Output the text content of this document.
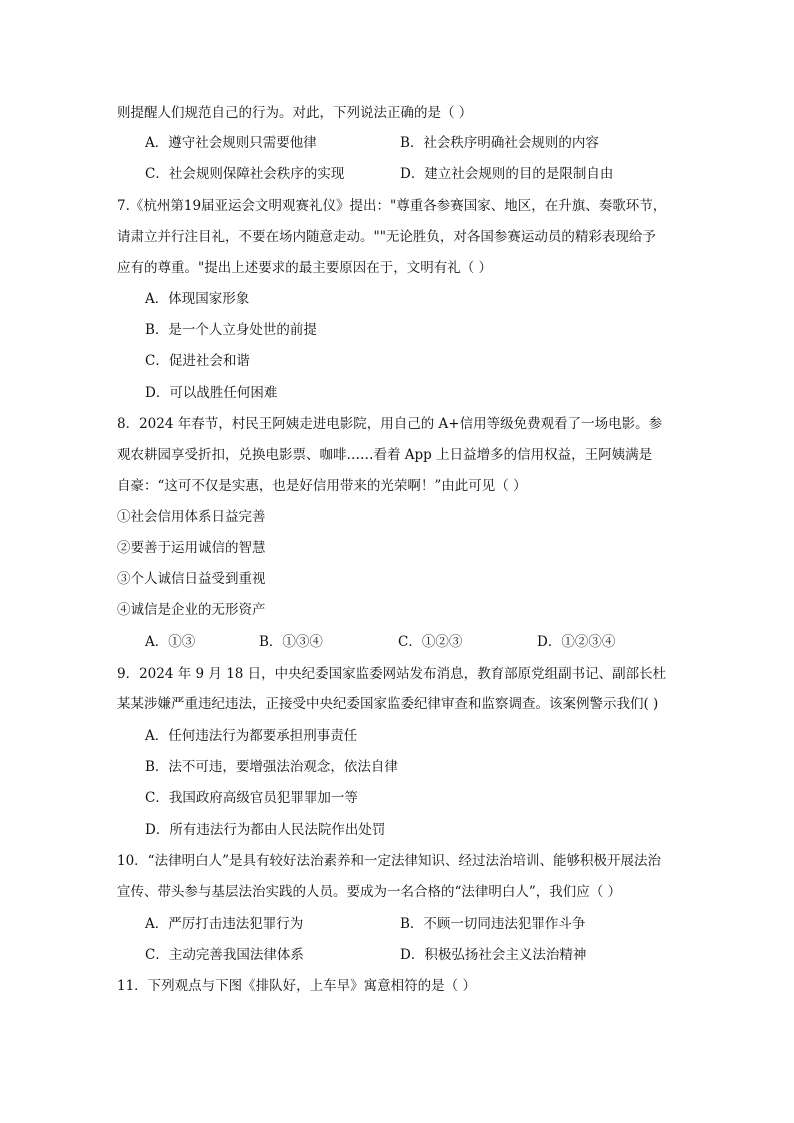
则提醒人们规范自己的行为。对此，下列说法正确的是（ ）
A．遵守社会规则只需要他律	B．社会秩序明确社会规则的内容
C．社会规则保障社会秩序的实现	D．建立社会规则的目的是限制自由
7.《杭州第19届亚运会文明观赛礼仪》提出："尊重各参赛国家、地区，在升旗、奏歌环节，
请肃立并行注目礼，不要在场内随意走动。""无论胜负，对各国参赛运动员的精彩表现给予
应有的尊重。"提出上述要求的最主要原因在于，文明有礼（ ）
A．体现国家形象
B．是一个人立身处世的前提
C．促进社会和谐
D．可以战胜任何困难
8．2024 年春节，村民王阿姨走进电影院，用自己的 A+信用等级免费观看了一场电影。参
观农耕园享受折扣，兑换电影票、咖啡……看着 App 上日益增多的信用权益，王阿姨满是
自豪：“这可不仅是实惠，也是好信用带来的光荣啊！”由此可见（ ）
①社会信用体系日益完善
②要善于运用诚信的智慧
③个人诚信日益受到重视
④诚信是企业的无形资产
A．①③	B．①③④	C．①②③	D．①②③④
9．2024 年 9 月 18 日，中央纪委国家监委网站发布消息，教育部原党组副书记、副部长杜
某某涉嫌严重违纪违法，正接受中央纪委国家监委纪律审查和监察调查。该案例警示我们( )
A．任何违法行为都要承担刑事责任
B．法不可违，要增强法治观念，依法自律
C．我国政府高级官员犯罪罪加一等
D．所有违法行为都由人民法院作出处罚
10．“法律明白人”是具有较好法治素养和一定法律知识、经过法治培训、能够积极开展法治
宣传、带头参与基层法治实践的人员。要成为一名合格的“法律明白人”，我们应（ ）
A．严厉打击违法犯罪行为	B．不顾一切同违法犯罪作斗争
C．主动完善我国法律体系	D．积极弘扬社会主义法治精神
11．下列观点与下图《排队好，上车早》寓意相符的是（ ）
